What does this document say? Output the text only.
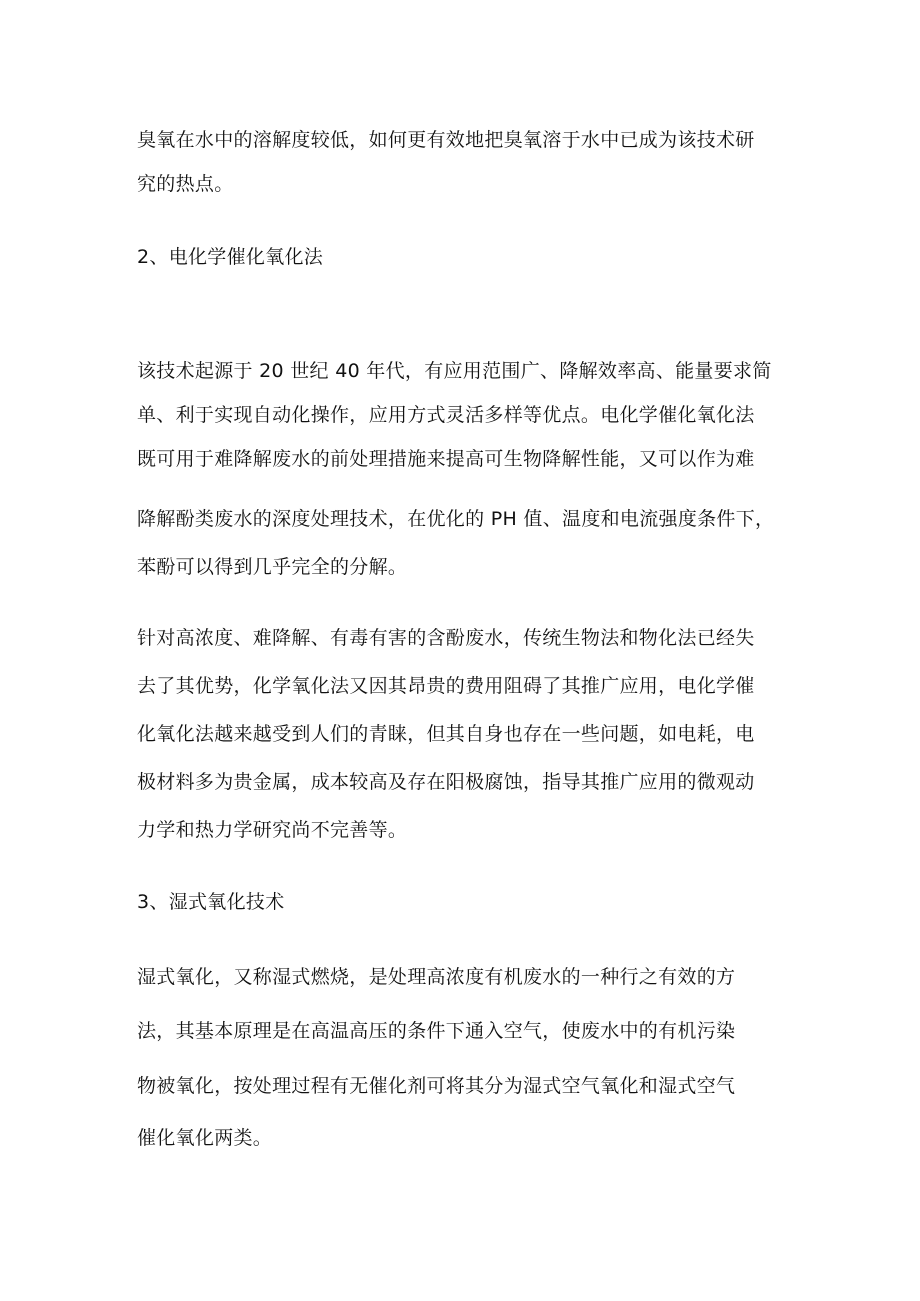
臭氧在水中的溶解度较低，如何更有效地把臭氧溶于水中已成为该技术研
究的热点。
2、电化学催化氧化法
该技术起源于 20 世纪 40 年代，有应用范围广、降解效率高、能量要求简
单、利于实现自动化操作，应用方式灵活多样等优点。电化学催化氧化法
既可用于难降解废水的前处理措施来提高可生物降解性能，又可以作为难
降解酚类废水的深度处理技术，在优化的 PH 值、温度和电流强度条件下，
苯酚可以得到几乎完全的分解。
针对高浓度、难降解、有毒有害的含酚废水，传统生物法和物化法已经失
去了其优势，化学氧化法又因其昂贵的费用阻碍了其推广应用，电化学催
化氧化法越来越受到人们的青睐，但其自身也存在一些问题，如电耗，电
极材料多为贵金属，成本较高及存在阳极腐蚀，指导其推广应用的微观动
力学和热力学研究尚不完善等。
3、湿式氧化技术
湿式氧化，又称湿式燃烧，是处理高浓度有机废水的一种行之有效的方
法，其基本原理是在高温高压的条件下通入空气，使废水中的有机污染
物被氧化，按处理过程有无催化剂可将其分为湿式空气氧化和湿式空气
催化氧化两类。
